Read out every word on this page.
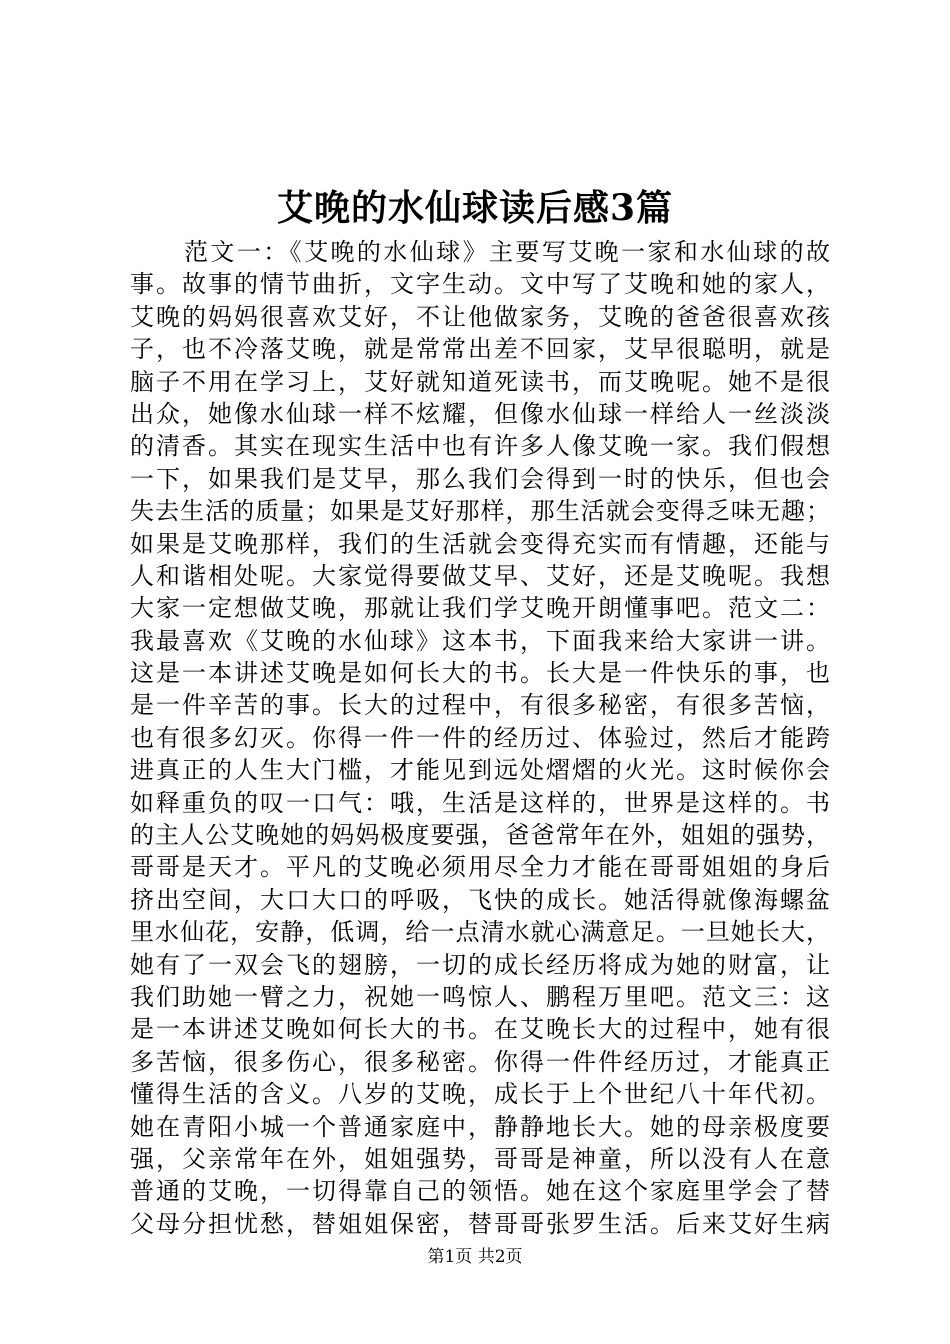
艾晚的水仙球读后感3篇
范文一：《艾晚的水仙球》主要写艾晚一家和水仙球的故
事。故事的情节曲折，文字生动。文中写了艾晚和她的家人，
艾晚的妈妈很喜欢艾好，不让他做家务，艾晚的爸爸很喜欢孩
子，也不冷落艾晚，就是常常出差不回家，艾早很聪明，就是
脑子不用在学习上，艾好就知道死读书，而艾晚呢。她不是很
出众，她像水仙球一样不炫耀，但像水仙球一样给人一丝淡淡
的清香。其实在现实生活中也有许多人像艾晚一家。我们假想
一下，如果我们是艾早，那么我们会得到一时的快乐，但也会
失去生活的质量；如果是艾好那样，那生活就会变得乏味无趣；
如果是艾晚那样，我们的生活就会变得充实而有情趣，还能与
人和谐相处呢。大家觉得要做艾早、艾好，还是艾晚呢。我想
大家一定想做艾晚，那就让我们学艾晚开朗懂事吧。范文二：
我最喜欢《艾晚的水仙球》这本书，下面我来给大家讲一讲。
这是一本讲述艾晚是如何长大的书。长大是一件快乐的事，也
是一件辛苦的事。长大的过程中，有很多秘密，有很多苦恼，
也有很多幻灭。你得一件一件的经历过、体验过，然后才能跨
进真正的人生大门槛，才能见到远处熠熠的火光。这时候你会
如释重负的叹一口气：哦，生活是这样的，世界是这样的。书
的主人公艾晚她的妈妈极度要强，爸爸常年在外，姐姐的强势，
哥哥是天才。平凡的艾晚必须用尽全力才能在哥哥姐姐的身后
挤出空间，大口大口的呼吸，飞快的成长。她活得就像海螺盆
里水仙花，安静，低调，给一点清水就心满意足。一旦她长大，
她有了一双会飞的翅膀，一切的成长经历将成为她的财富，让
我们助她一臂之力，祝她一鸣惊人、鹏程万里吧。范文三：这
是一本讲述艾晚如何长大的书。在艾晚长大的过程中，她有很
多苦恼，很多伤心，很多秘密。你得一件件经历过，才能真正
懂得生活的含义。八岁的艾晚，成长于上个世纪八十年代初。
她在青阳小城一个普通家庭中，静静地长大。她的母亲极度要
强，父亲常年在外，姐姐强势，哥哥是神童，所以没有人在意
普通的艾晚，一切得靠自己的领悟。她在这个家庭里学会了替
父母分担忧愁，替姐姐保密，替哥哥张罗生活。后来艾好生病
第1页 共2页
